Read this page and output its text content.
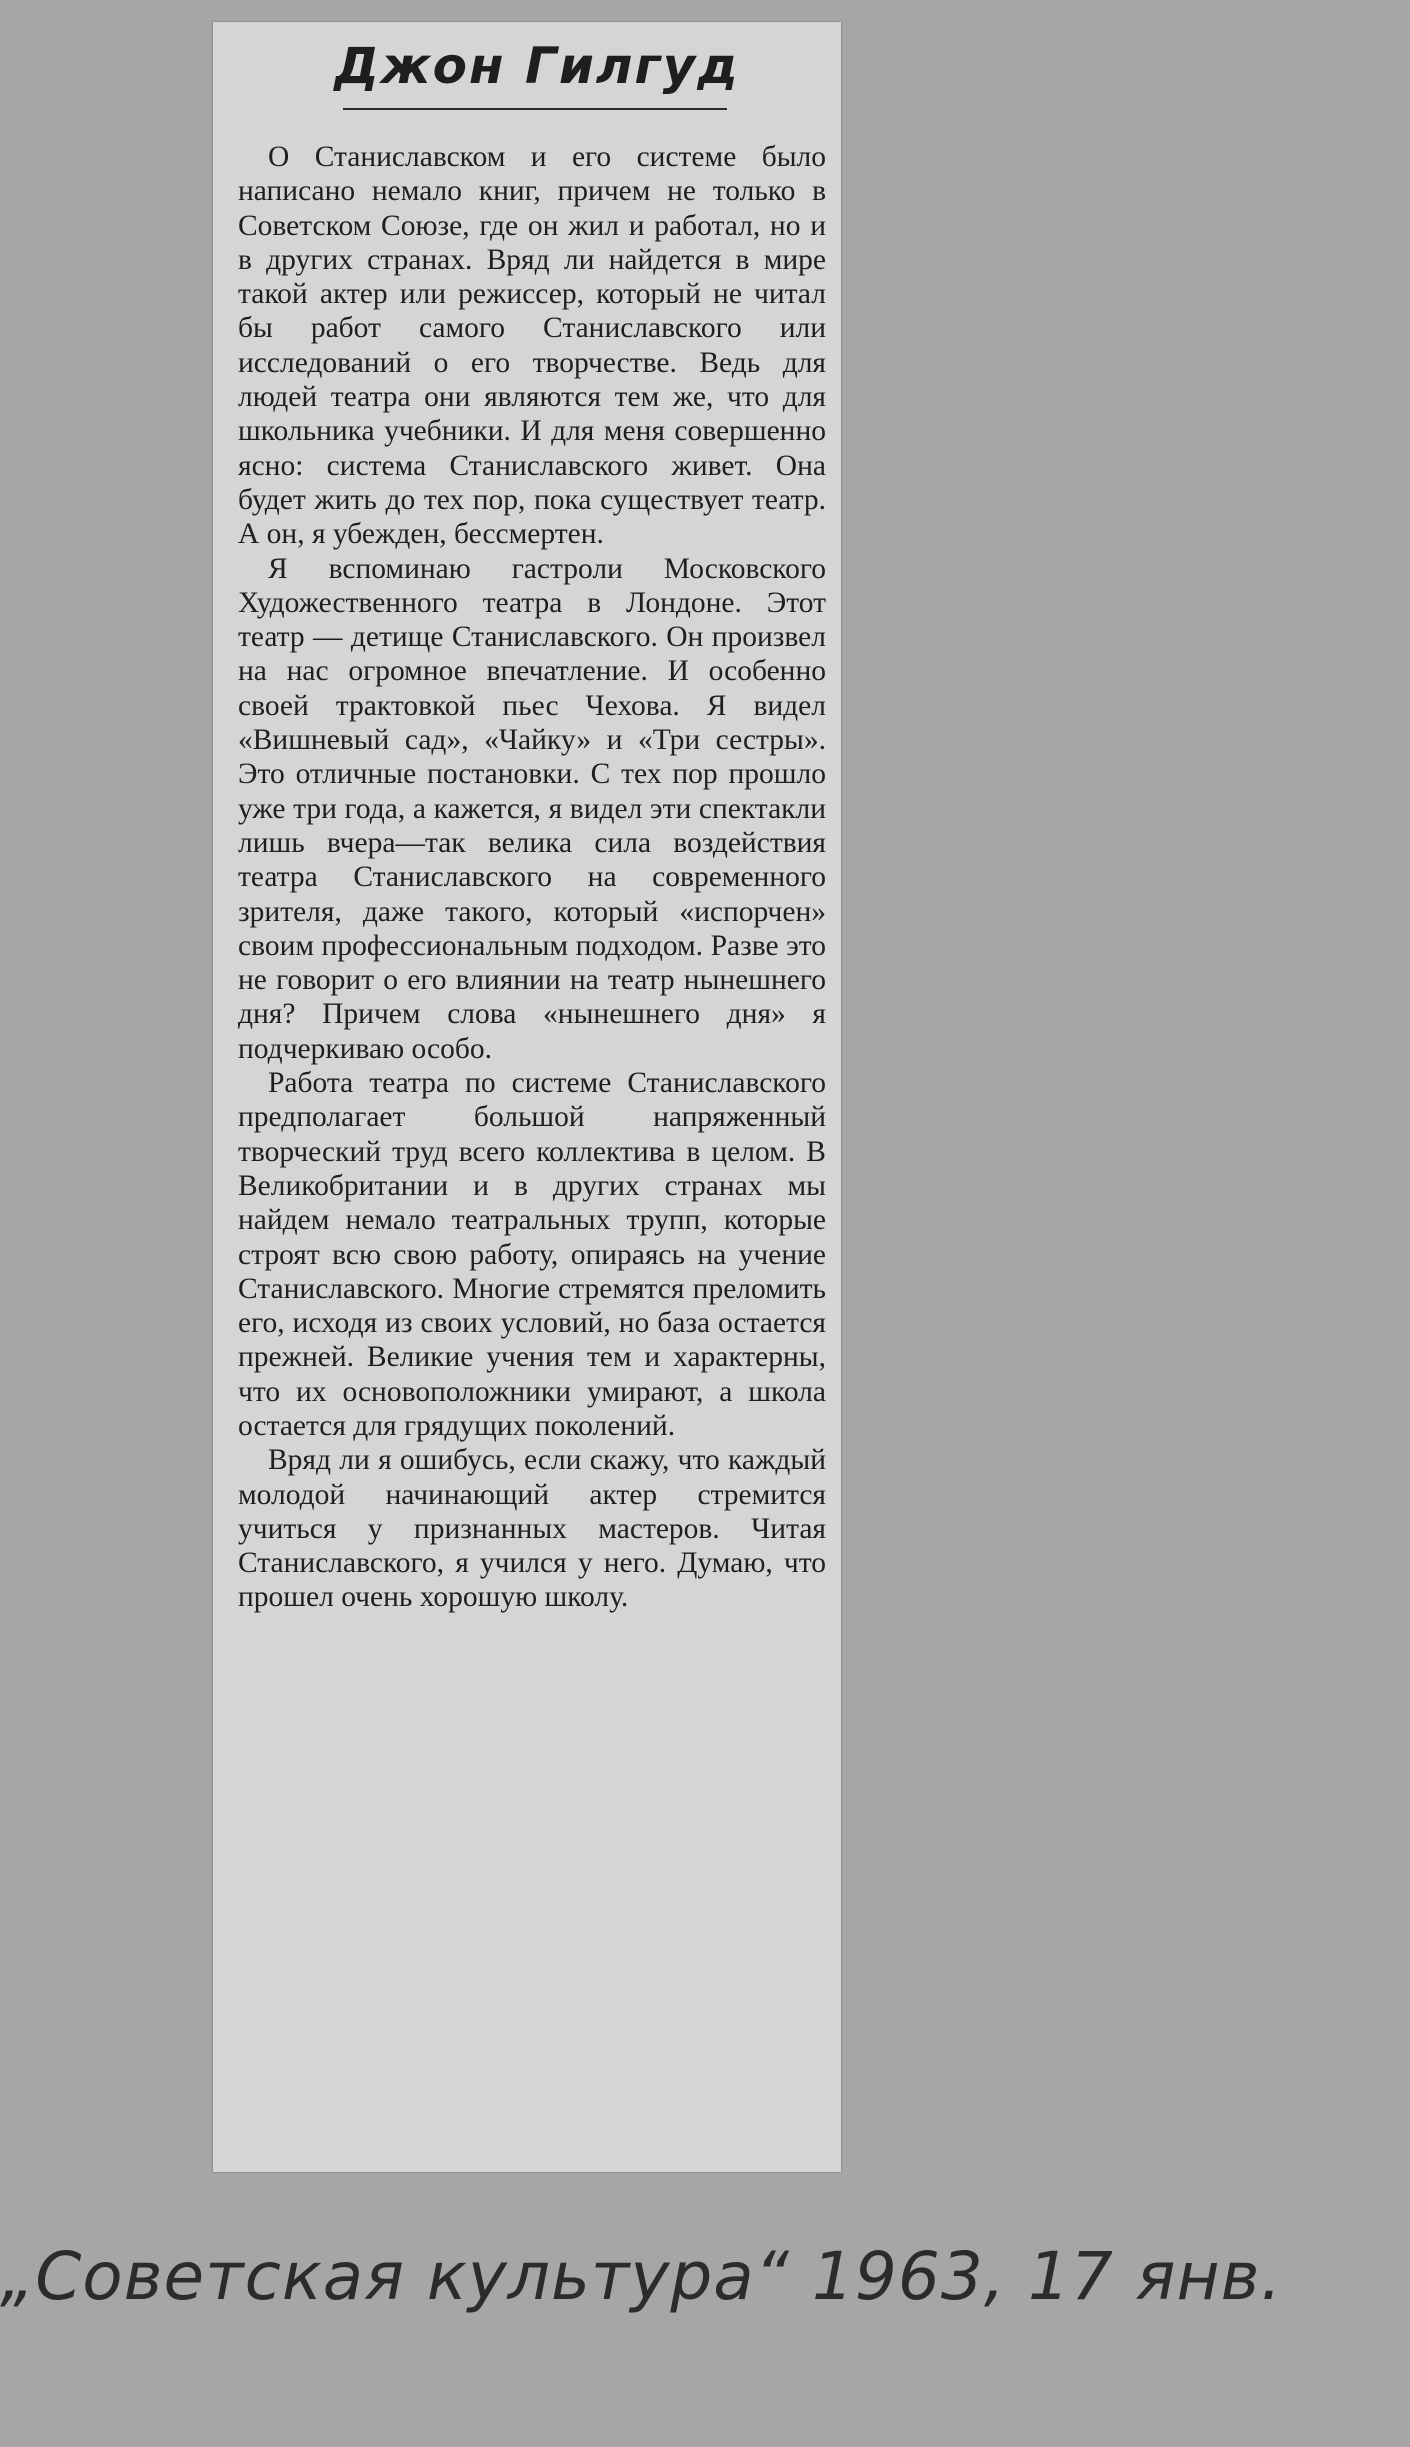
Джон Гилгуд

О Станиславском и его системе было написано немало книг, причем не только в Советском Союзе, где он жил и работал, но и в других странах. Вряд ли найдется в мире такой актер или режиссер, который не читал бы работ самого Станиславского или исследований о его творчестве. Ведь для людей театра они являются тем же, что для школьника учебники. И для меня совершенно ясно: система Станиславского живет. Она будет жить до тех пор, пока существует театр. А он, я убежден, бессмертен.

Я вспоминаю гастроли Московского Художественного театра в Лондоне. Этот театр — детище Станиславского. Он произвел на нас огромное впечатление. И особенно своей трактовкой пьес Чехова. Я видел «Вишневый сад», «Чайку» и «Три сестры». Это отличные постановки. С тех пор прошло уже три года, а кажется, я видел эти спектакли лишь вчера—так велика сила воздействия театра Станиславского на современного зрителя, даже такого, который «испорчен» своим профессиональным подходом. Разве это не говорит о его влиянии на театр нынешнего дня? Причем слова «нынешнего дня» я подчеркиваю особо.

Работа театра по системе Станиславского предполагает большой напряженный творческий труд всего коллектива в целом. В Великобритании и в других странах мы найдем немало театральных трупп, которые строят всю свою работу, опираясь на учение Станиславского. Многие стремятся преломить его, исходя из своих условий, но база остается прежней. Великие учения тем и характерны, что их основоположники умирают, а школа остается для грядущих поколений.

Вряд ли я ошибусь, если скажу, что каждый молодой начинающий актер стремится учиться у признанных мастеров. Читая Станиславского, я учился у него. Думаю, что прошел очень хорошую школу.

„Советская культура“ 1963, 17 янв.
